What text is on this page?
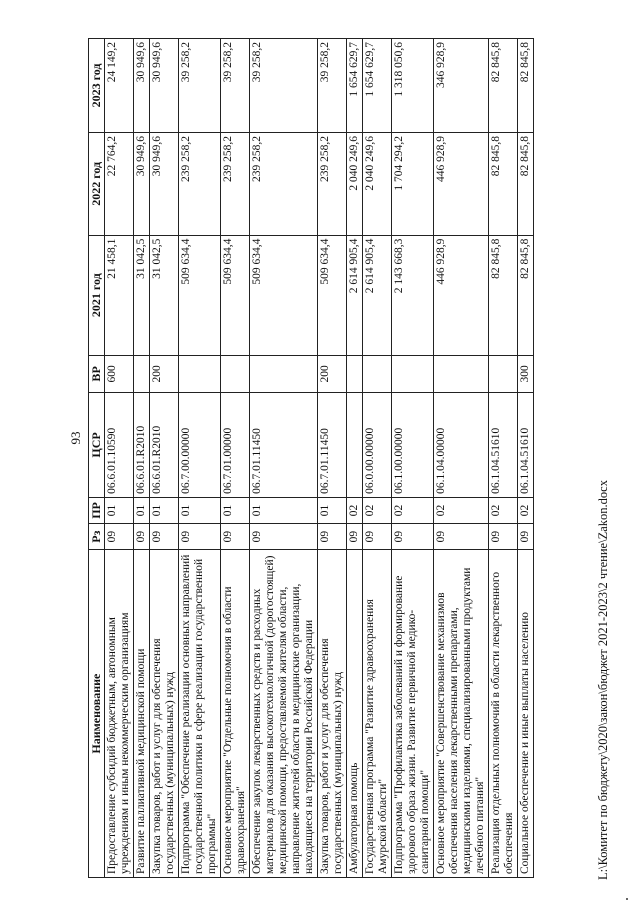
93
Наименование	Рз	ПР	ЦСР	ВР	2021 год	2022 год	2023 год
Предоставление субсидий бюджетным, автономным учреждениям и иным некоммерческим организациям	09	01	06.6.01.10590	600	21 458,1	22 764,2	24 149,2
Развитие паллиативной медицинской помощи	09	01	06.6.01.R2010		31 042,5	30 949,6	30 949,6
Закупка товаров, работ и услуг для обеспечения государственных (муниципальных) нужд	09	01	06.6.01.R2010	200	31 042,5	30 949,6	30 949,6
Подпрограмма "Обеспечение реализации основных направлений государственной политики в сфере реализации государственной программы"	09	01	06.7.00.00000		509 634,4	239 258,2	39 258,2
Основное мероприятие "Отдельные полномочия в области здравоохранения"	09	01	06.7.01.00000		509 634,4	239 258,2	39 258,2
Обеспечение закупок лекарственных средств и расходных материалов для оказания высокотехнологичной (дорогостоящей) медицинской помощи, предоставляемой жителям области, направление жителей области в медицинские организации, находящиеся на территории Российской Федерации	09	01	06.7.01.11450		509 634,4	239 258,2	39 258,2
Закупка товаров, работ и услуг для обеспечения государственных (муниципальных) нужд	09	01	06.7.01.11450	200	509 634,4	239 258,2	39 258,2
Амбулаторная помощь	09	02			2 614 905,4	2 040 249,6	1 654 629,7
Государственная программа "Развитие здравоохранения Амурской области"	09	02	06.0.00.00000		2 614 905,4	2 040 249,6	1 654 629,7
Подпрограмма "Профилактика заболеваний и формирование здорового образа жизни. Развитие первичной медико-санитарной помощи"	09	02	06.1.00.00000		2 143 668,3	1 704 294,2	1 318 050,6
Основное мероприятие "Совершенствование механизмов обеспечения населения лекарственными препаратами, медицинскими изделиями, специализированными продуктами лечебного питания"	09	02	06.1.04.00000		446 928,9	446 928,9	346 928,9
Реализация отдельных полномочий в области лекарственного обеспечения	09	02	06.1.04.51610		82 845,8	82 845,8	82 845,8
Социальное обеспечение и иные выплаты населению	09	02	06.1.04.51610	300	82 845,8	82 845,8	82 845,8
L:\Комитет по бюджету\2020\закон\бюджет 2021-2023\2 чтение\Zakon.docx
